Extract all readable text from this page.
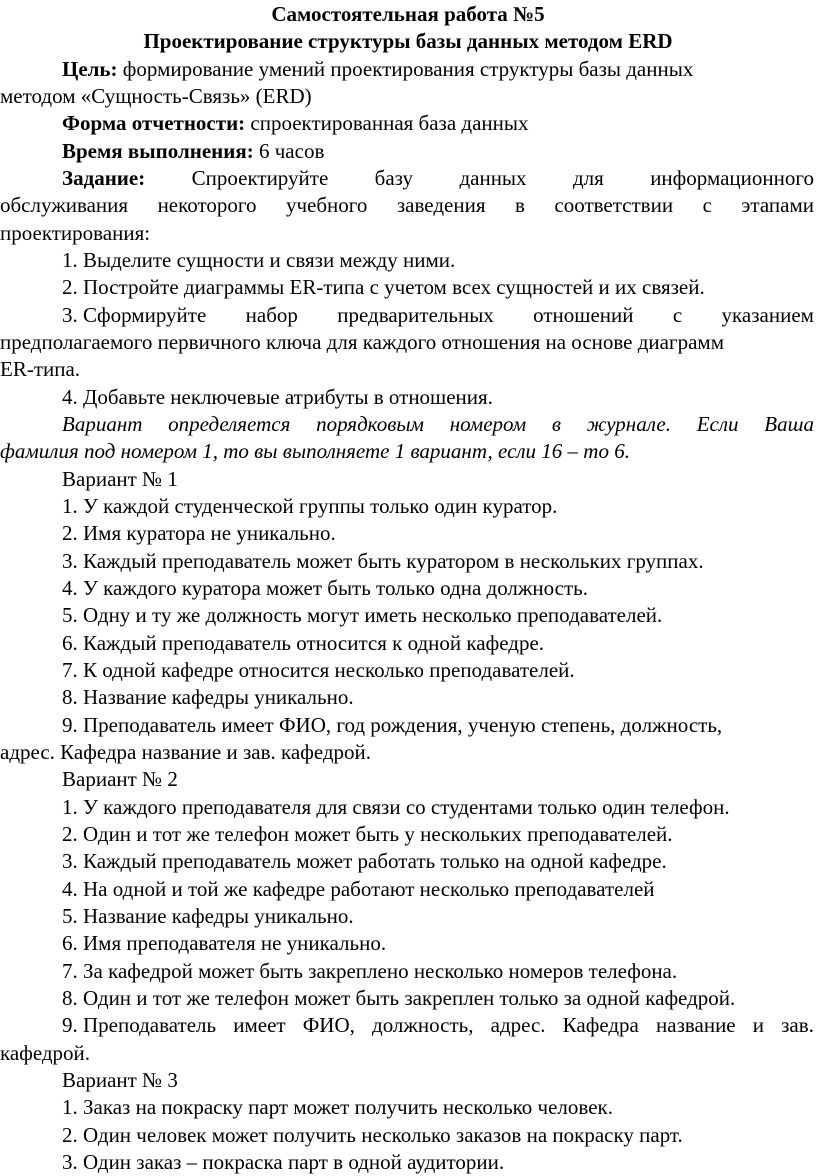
Самостоятельная работа №5
Проектирование структуры базы данных методом ERD
Цель: формирование умений проектирования структуры базы данных
методом «Сущность-Связь» (ERD)
Форма отчетности: спроектированная база данных
Время выполнения: 6 часов
Задание: Спроектируйте базу данных для информационного
обслуживания некоторого учебного заведения в соответствии с этапами
проектирования:
1. Выделите сущности и связи между ними.
2. Постройте диаграммы ER-типа с учетом всех сущностей и их связей.
3. Сформируйте набор предварительных отношений с указанием
предполагаемого первичного ключа для каждого отношения на основе диаграмм
ER-типа.
4. Добавьте неключевые атрибуты в отношения.
Вариант определяется порядковым номером в журнале. Если Ваша
фамилия под номером 1, то вы выполняете 1 вариант, если 16 – то 6.
Вариант № 1
1. У каждой студенческой группы только один куратор.
2. Имя куратора не уникально.
3. Каждый преподаватель может быть куратором в нескольких группах.
4. У каждого куратора может быть только одна должность.
5. Одну и ту же должность могут иметь несколько преподавателей.
6. Каждый преподаватель относится к одной кафедре.
7. К одной кафедре относится несколько преподавателей.
8. Название кафедры уникально.
9. Преподаватель имеет ФИО, год рождения, ученую степень, должность,
адрес. Кафедра название и зав. кафедрой.
Вариант № 2
1. У каждого преподавателя для связи со студентами только один телефон.
2. Один и тот же телефон может быть у нескольких преподавателей.
3. Каждый преподаватель может работать только на одной кафедре.
4. На одной и той же кафедре работают несколько преподавателей
5. Название кафедры уникально.
6. Имя преподавателя не уникально.
7. За кафедрой может быть закреплено несколько номеров телефона.
8. Один и тот же телефон может быть закреплен только за одной кафедрой.
9. Преподаватель имеет ФИО, должность, адрес. Кафедра название и зав.
кафедрой.
Вариант № 3
1. Заказ на покраску парт может получить несколько человек.
2. Один человек может получить несколько заказов на покраску парт.
3. Один заказ – покраска парт в одной аудитории.
